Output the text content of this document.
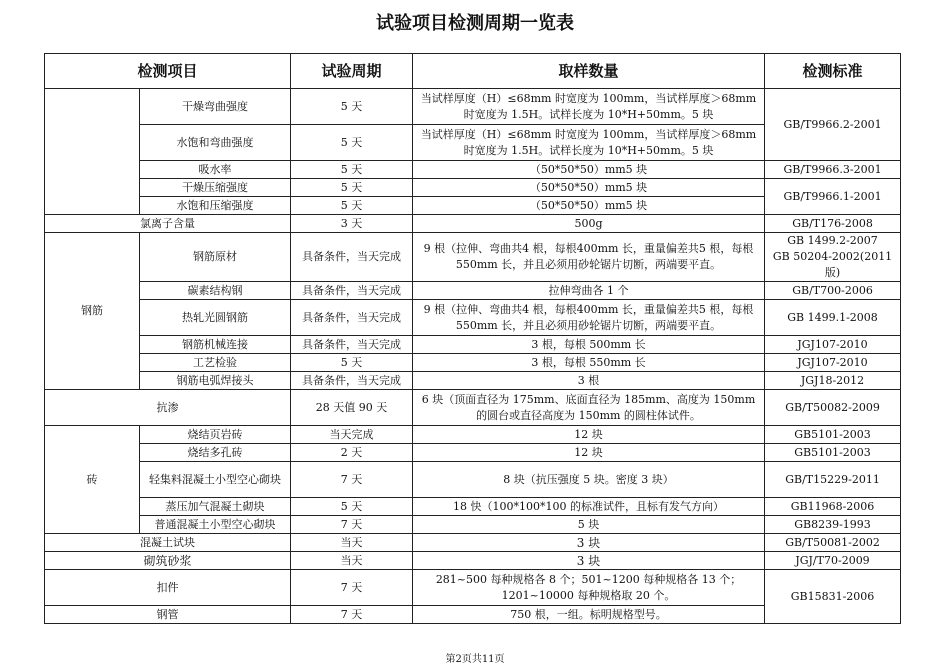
试验项目检测周期一览表
检测项目		试验周期	取样数量	检测标准
	干燥弯曲强度	5 天	当试样厚度（H）≤68mm 时宽度为 100mm，当试样厚度＞68mm 时宽度为 1.5H。试样长度为 10*H+50mm。5 块	GB/T9966.2-2001
	水饱和弯曲强度	5 天	当试样厚度（H）≤68mm 时宽度为 100mm，当试样厚度＞68mm 时宽度为 1.5H。试样长度为 10*H+50mm。5 块	
	吸水率	5 天	（50*50*50）mm5 块	GB/T9966.3-2001
	干燥压缩强度	5 天	（50*50*50）mm5 块	GB/T9966.1-2001
	水饱和压缩强度	5 天	（50*50*50）mm5 块	
氯离子含量		3 天	500g	GB/T176-2008
钢筋	钢筋原材	具备条件，当天完成	9 根（拉伸、弯曲共4 根，每根400mm 长，重量偏差共5 根，每根550mm 长，并且必须用砂轮锯片切断，两端要平直。	GB 1499.2-2007
GB 50204-2002(2011 版)

	碳素结构钢	具备条件，当天完成	拉伸弯曲各 1 个	GB/T700-2006
	热轧光圆钢筋	具备条件，当天完成	9 根（拉伸、弯曲共4 根，每根400mm 长，重量偏差共5 根，每根550mm 长，并且必须用砂轮锯片切断，两端要平直。	GB 1499.1-2008
	钢筋机械连接	具备条件，当天完成	3 根，每根 500mm 长	JGJ107-2010
	工艺检验	5 天	3 根，每根 550mm 长	JGJ107-2010
	钢筋电弧焊接头	具备条件，当天完成	3 根	JGJ18-2012
抗渗		28 天值 90 天	6 块（顶面直径为 175mm、底面直径为 185mm、高度为 150mm 的圆台或直径高度为 150mm 的圆柱体试件。	GB/T50082-2009
砖	烧结页岩砖	当天完成	12 块	GB5101-2003
	烧结多孔砖	2 天	12 块	GB5101-2003
	轻集料混凝土小型空心砌块	7 天	8 块（抗压强度 5 块。密度 3 块）	GB/T15229-2011
	蒸压加气混凝土砌块	5 天	18 快（100*100*100 的标准试件，且标有发气方向）	GB11968-2006
	普通混凝土小型空心砌块	7 天	5 块	GB8239-1993
混凝土试块		当天	3 块	GB/T50081-2002
砌筑砂浆		当天	3 块	JGJ/T70-2009
扣件		7 天	281~500 每种规格各 8 个；501~1200 每种规格各 13 个；1201~10000 每种规格取 20 个。	GB15831-2006
钢管		7 天	750 根，一组。标明规格型号。	
第2页共11页
